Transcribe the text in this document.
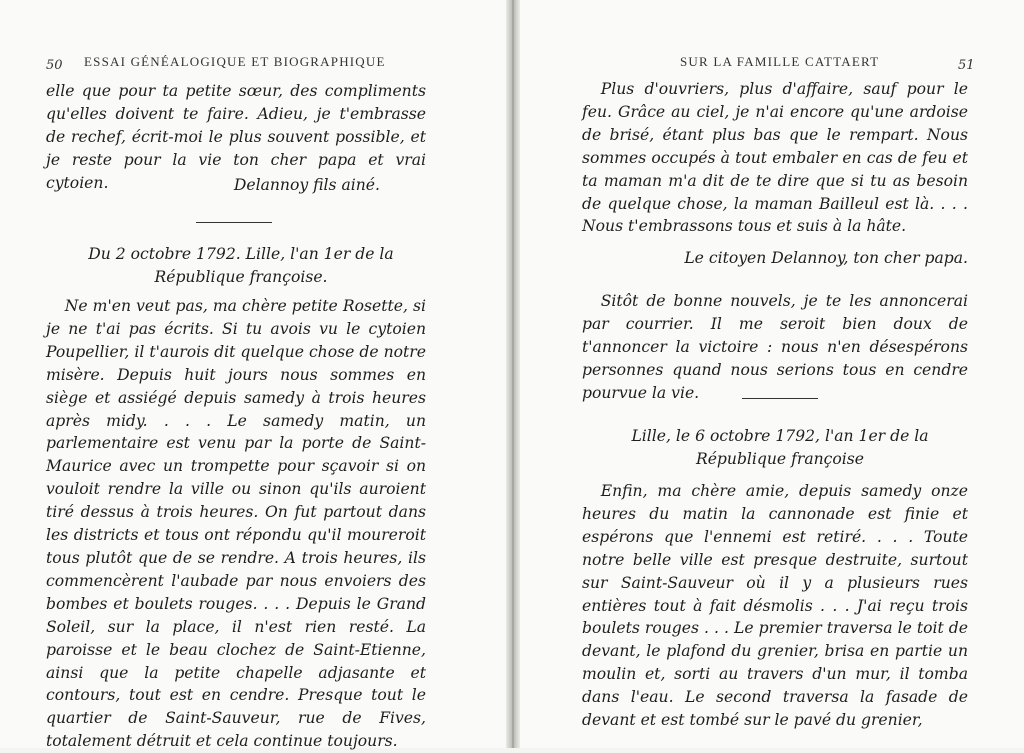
50 ESSAI GÉNÉALOGIQUE ET BIOGRAPHIQUE

elle que pour ta petite sœur, des compliments qu'elles doivent te faire. Adieu, je t'embrasse de rechef, écrit-moi le plus souvent possible, et je reste pour la vie ton cher papa et vrai cytoien.	Delannoy fils ainé.

Du 2 octobre 1792. Lille, l'an 1er de la

République françoise.

Ne m'en veut pas, ma chère petite Rosette, si je ne t'ai pas écrits. Si tu avois vu le cytoien Poupellier, il t'aurois dit quelque chose de notre misère. Depuis huit jours nous sommes en siège et assiégé depuis samedy à trois heures après midy. . . . Le samedy matin, un parlementaire est venu par la porte de Saint-Maurice avec un trompette pour sçavoir si on vouloit rendre la ville ou sinon qu'ils auroient tiré dessus à trois heures. On fut partout dans les districts et tous ont répondu qu'il moureroit tous plutôt que de se rendre. A trois heures, ils commencèrent l'aubade par nous envoiers des bombes et boulets rouges. . . . Depuis le Grand Soleil, sur la place, il n'est rien resté. La paroisse et le beau clochez de Saint-Etienne, ainsi que la petite chapelle adjasante et contours, tout est en cendre. Presque tout le quartier de Saint-Sauveur, rue de Fives, totalement détruit et cela continue toujours.

SUR LA FAMILLE CATTAERT	51

Plus d'ouvriers, plus d'affaire, sauf pour le feu. Grâce au ciel, je n'ai encore qu'une ardoise de brisé, étant plus bas que le rempart. Nous sommes occupés à tout embaler en cas de feu et ta maman m'a dit de te dire que si tu as besoin de quelque chose, la maman Bailleul est là. . . . Nous t'embrassons tous et suis à la hâte.

Le citoyen Delannoy, ton cher papa.

Sitôt de bonne nouvels, je te les annoncerai par courrier. Il me seroit bien doux de t'annoncer la victoire : nous n'en désespérons personnes quand nous serions tous en cendre pourvue la vie.

Lille, le 6 octobre 1792, l'an 1er de la

République françoise

Enfin, ma chère amie, depuis samedy onze heures du matin la cannonade est finie et espérons que l'ennemi est retiré. . . . Toute notre belle ville est presque destruite, surtout sur Saint-Sauveur où il y a plusieurs rues entières tout à fait désmolis . . . J'ai reçu trois boulets rouges . . . Le premier traversa le toit de devant, le plafond du grenier, brisa en partie un moulin et, sorti au travers d'un mur, il tomba dans l'eau. Le second traversa la fasade de devant et est tombé sur le pavé du grenier,
